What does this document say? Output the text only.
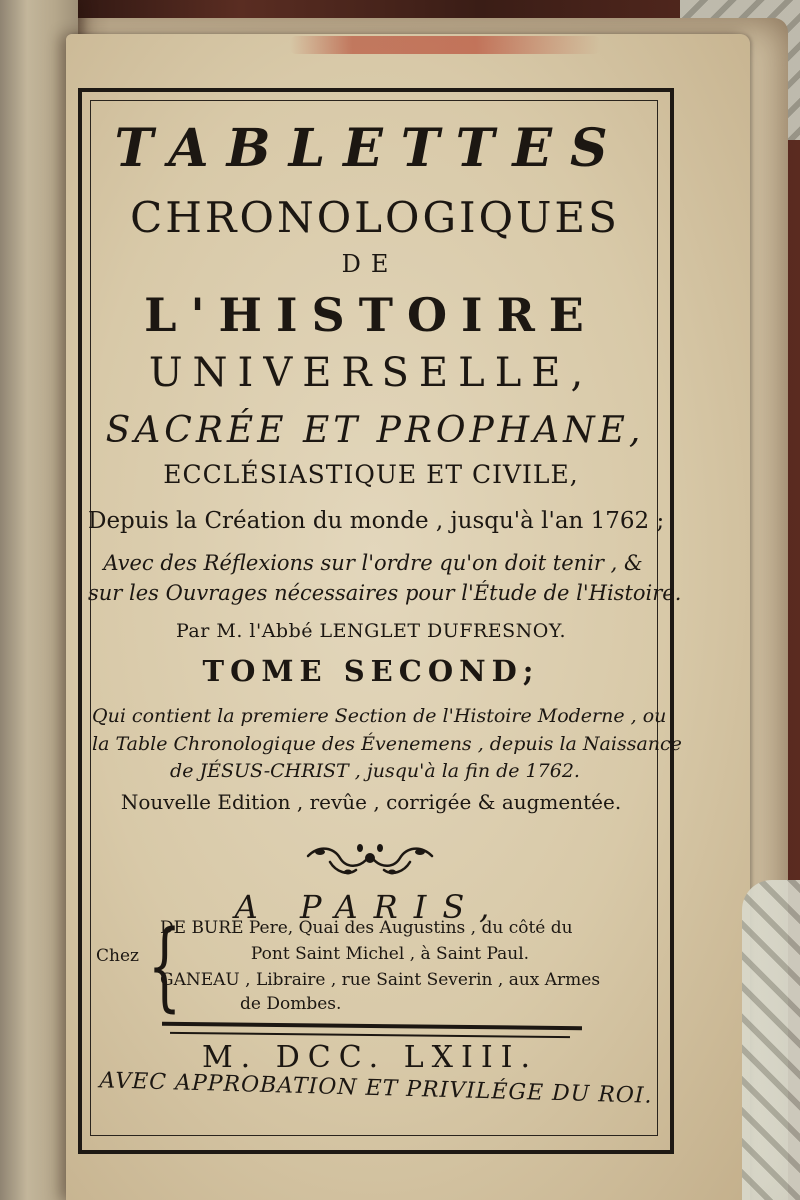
TABLETTES
CHRONOLOGIQUES
DE
L'HISTOIRE
UNIVERSELLE,
SACRÉE ET PROPHANE,
ECCLÉSIASTIQUE ET CIVILE,
Depuis la Création du monde , jusqu'à l'an 1762 ;
Avec des Réflexions sur l'ordre qu'on doit tenir , &
sur les Ouvrages nécessaires pour l'Étude de l'Histoire.
Par M. l'Abbé LENGLET DUFRESNOY.
TOME SECOND;
Qui contient la premiere Section de l'Histoire Moderne , ou
la Table Chronologique des Évenemens , depuis la Naissance
de JÉSUS-CHRIST , jusqu'à la fin de 1762.
Nouvelle Edition , revûe , corrigée & augmentée.
A PARIS,
{
Chez
DE BURE Pere, Quai des Augustins , du côté du
Pont Saint Michel , à Saint Paul.
GANEAU , Libraire , rue Saint Severin , aux Armes
de Dombes.
M. DCC. LXIII.
AVEC APPROBATION ET PRIVILÉGE DU ROI.
